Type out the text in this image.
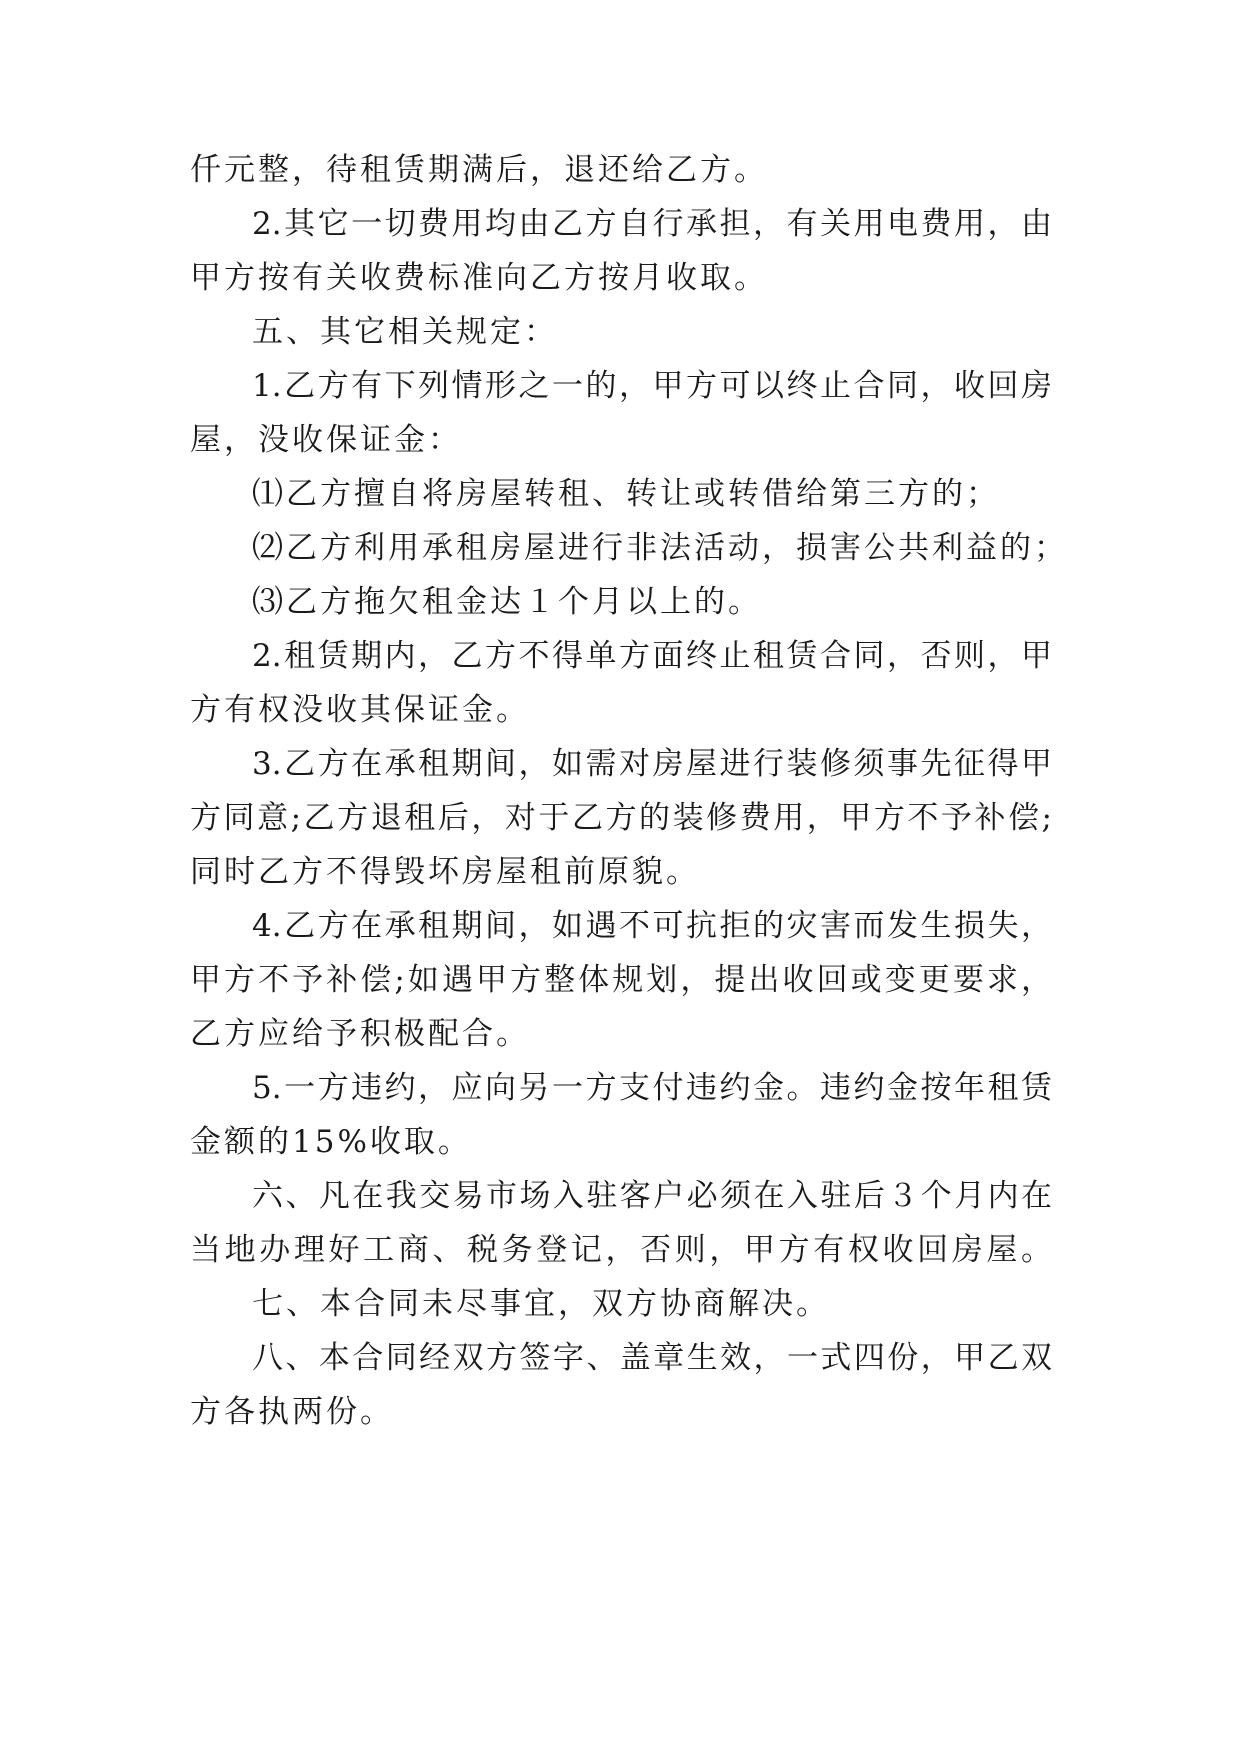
仟元整，待租赁期满后，退还给乙方。
2.其它一切费用均由乙方自行承担，有关用电费用，由
甲方按有关收费标准向乙方按月收取。
五、其它相关规定：
1.乙方有下列情形之一的，甲方可以终止合同，收回房
屋，没收保证金：
⑴乙方擅自将房屋转租、转让或转借给第三方的；
⑵乙方利用承租房屋进行非法活动，损害公共利益的；
⑶乙方拖欠租金达１个月以上的。
2.租赁期内，乙方不得单方面终止租赁合同，否则，甲
方有权没收其保证金。
3.乙方在承租期间，如需对房屋进行装修须事先征得甲
方同意;乙方退租后，对于乙方的装修费用，甲方不予补偿;
同时乙方不得毁坏房屋租前原貌。
4.乙方在承租期间，如遇不可抗拒的灾害而发生损失，
甲方不予补偿;如遇甲方整体规划，提出收回或变更要求，
乙方应给予积极配合。
5.一方违约，应向另一方支付违约金。违约金按年租赁
金额的15%收取。
六、凡在我交易市场入驻客户必须在入驻后３个月内在
当地办理好工商、税务登记，否则，甲方有权收回房屋。
七、本合同未尽事宜，双方协商解决。
八、本合同经双方签字、盖章生效，一式四份，甲乙双
方各执两份。
